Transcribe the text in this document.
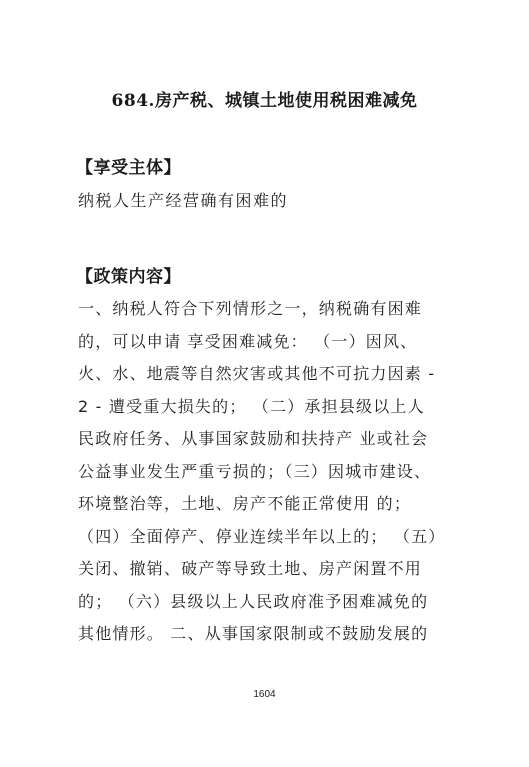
684.房产税、城镇土地使用税困难减免
【享受主体】
纳税人生产经营确有困难的
【政策内容】
一、纳税人符合下列情形之一，纳税确有困难
的，可以申请 享受困难减免： （一）因风、
火、水、地震等自然灾害或其他不可抗力因素 -
2 - 遭受重大损失的； （二）承担县级以上人
民政府任务、从事国家鼓励和扶持产 业或社会
公益事业发生严重亏损的；（三）因城市建设、
环境整治等，土地、房产不能正常使用 的；
（四）全面停产、停业连续半年以上的； （五）
关闭、撤销、破产等导致土地、房产闲置不用
的； （六）县级以上人民政府准予困难减免的
其他情形。 二、从事国家限制或不鼓励发展的
1604
